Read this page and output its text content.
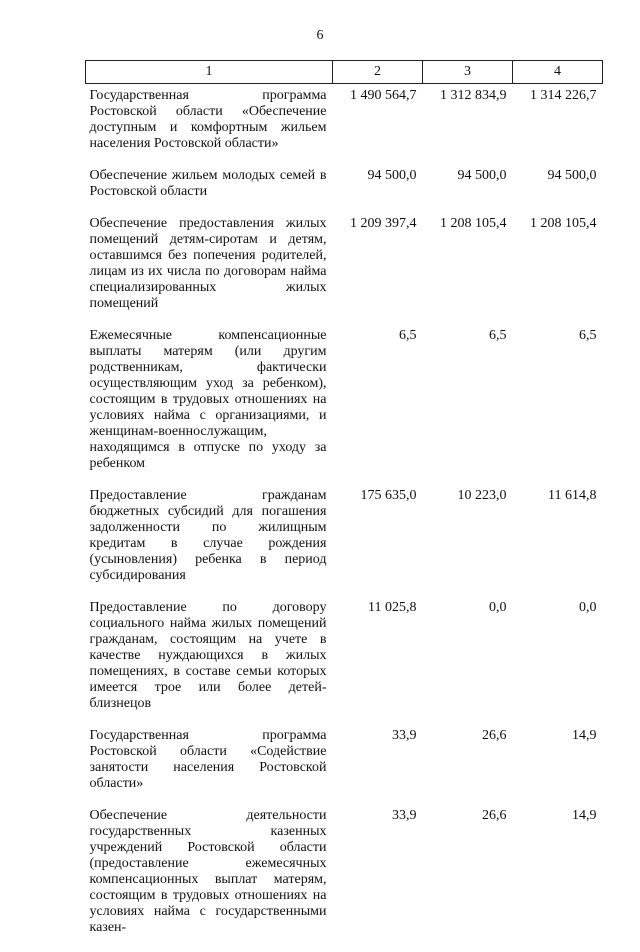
6
1	2	3	4
Государственная программа Ростовской области «Обеспечение доступным и комфортным жильем населения Ростовской области»	1 490 564,7	1 312 834,9	1 314 226,7
Обеспечение жильем молодых семей в Ростовской области	94 500,0	94 500,0	94 500,0
Обеспечение предоставления жилых помещений детям-сиротам и детям, оставшимся без попечения родителей, лицам из их числа по договорам найма специализированных жилых помещений	1 209 397,4	1 208 105,4	1 208 105,4
Ежемесячные компенсационные выплаты матерям (или другим родственникам, фактически осуществляющим уход за ребенком), состоящим в трудовых отношениях на условиях найма с организациями, и женщинам-военнослужащим, находящимся в отпуске по уходу за ребенком	6,5	6,5	6,5
Предоставление гражданам бюджетных субсидий для погашения задолженности по жилищным кредитам в случае рождения (усыновления) ребенка в период субсидирования	175 635,0	10 223,0	11 614,8
Предоставление по договору социального найма жилых помещений гражданам, состоящим на учете в качестве нуждающихся в жилых помещениях, в составе семьи которых имеется трое или более детей-близнецов	11 025,8	0,0	0,0
Государственная программа Ростовской области «Содействие занятости населения Ростовской области»	33,9	26,6	14,9
Обеспечение деятельности государственных казенных учреждений Ростовской области (предоставление ежемесячных компенсационных выплат матерям, состоящим в трудовых отношениях на условиях найма с государственными казен-	33,9	26,6	14,9
